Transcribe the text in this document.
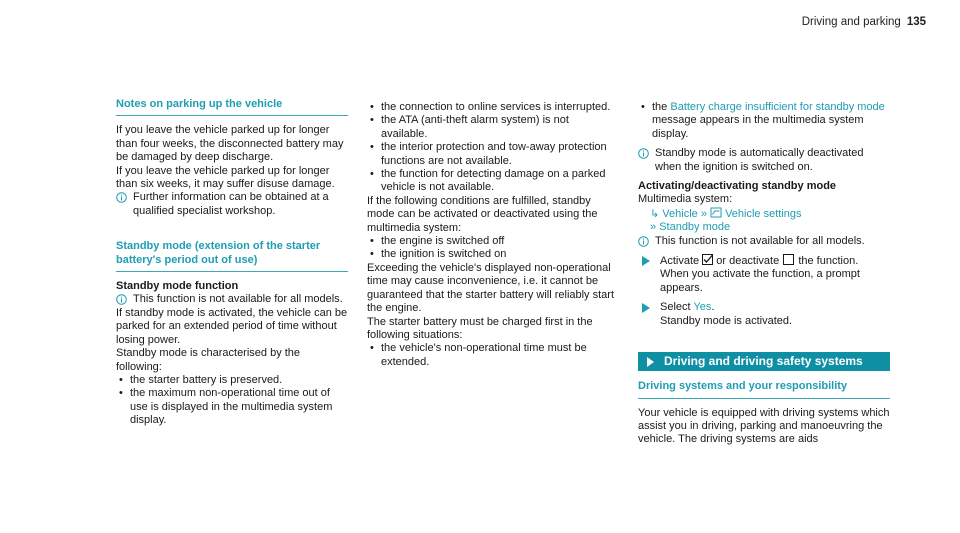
Driving and parking 135
Notes on parking up the vehicle

If you leave the vehicle parked up for longer than four weeks, the disconnected battery may be damaged by deep discharge.

If you leave the vehicle parked up for longer than six weeks, it may suffer disuse damage.

Further information can be obtained at a qualified specialist workshop.
Standby mode (extension of the starter battery's period out of use)
Standby mode function
This function is not available for all models.

If standby mode is activated, the vehicle can be parked for an extended period of time without losing power.

Standby mode is characterised by the following:

• the starter battery is preserved.
• the maximum non-operational time out of use is displayed in the multimedia system display.
• the connection to online services is interrupted.
• the ATA (anti-theft alarm system) is not available.
• the interior protection and tow-away protection functions are not available.
• the function for detecting damage on a parked vehicle is not available.

If the following conditions are fulfilled, standby mode can be activated or deactivated using the multimedia system:

• the engine is switched off
• the ignition is switched on

Exceeding the vehicle's displayed non-operational time may cause inconvenience, i.e. it cannot be guaranteed that the starter battery will reliably start the engine.

The starter battery must be charged first in the following situations:

• the vehicle's non-operational time must be extended.
• the Battery charge insufficient for standby mode message appears in the multimedia system display.
Standby mode is automatically deactivated when the ignition is switched on.
Activating/deactivating standby mode

Multimedia system:

↳ Vehicle » Vehicle settings
» Standby mode
This function is not available for all models.
Activate  or deactivate  the function.
When you activate the function, a prompt appears.
Select Yes.
Standby mode is activated.
Driving and driving safety systems
Driving systems and your responsibility

Your vehicle is equipped with driving systems which assist you in driving, parking and manoeuvring the vehicle. The driving systems are aids
